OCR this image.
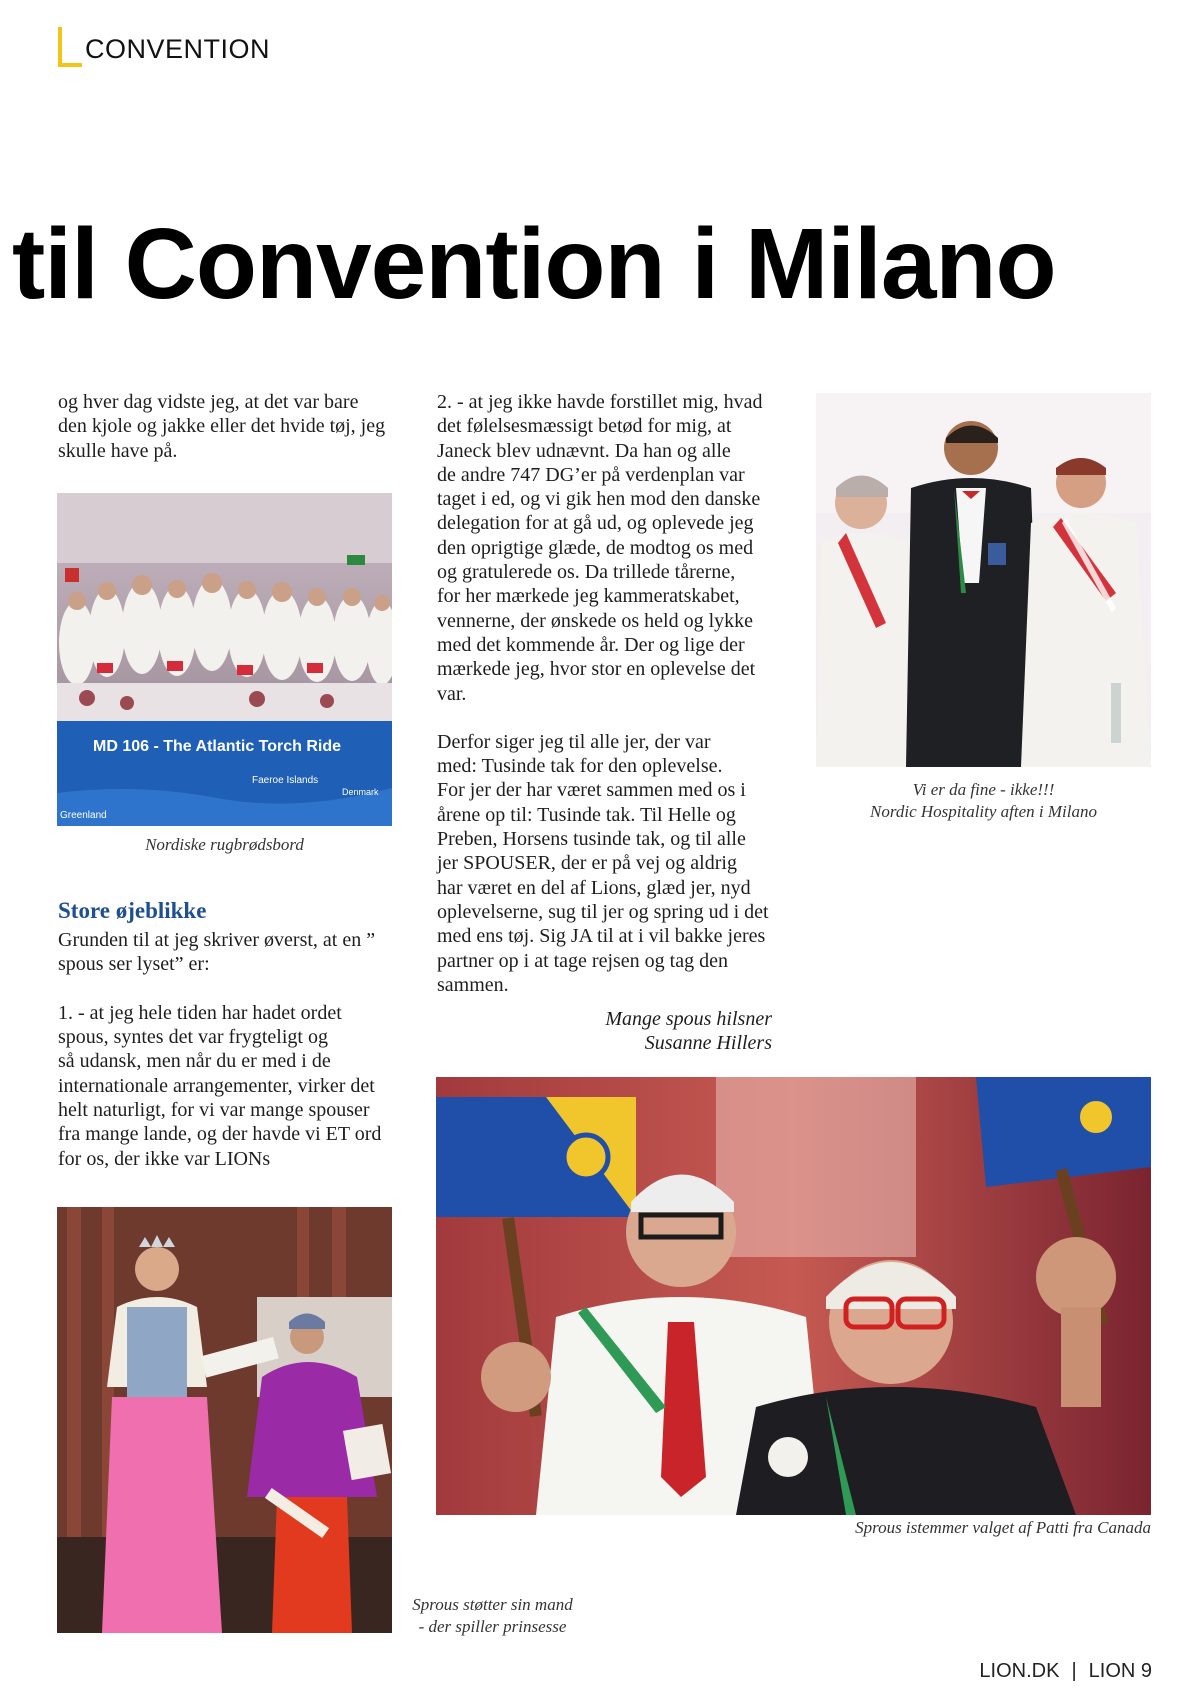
CONVENTION
til Convention i Milano

og hver dag vidste jeg, at det var bare
den kjole og jakke eller det hvide tøj, jeg
skulle have på.

MD 106 - The Atlantic Torch Ride
Faeroe Islands
Denmark
Greenland
Nordiske rugbrødsbord
Store øjeblikke

Grunden til at jeg skriver øverst, at en ”
spous ser lyset” er:

1. - at jeg hele tiden har hadet ordet
spous, syntes det var frygteligt og
så udansk, men når du er med i de
internationale arrangementer, virker det
helt naturligt, for vi var mange spouser
fra mange lande, og der havde vi ET ord
for os, der ikke var LIONs

Sprous støtter sin mand
- der spiller prinsesse

2. - at jeg ikke havde forstillet mig, hvad
det følelsesmæssigt betød for mig, at
Janeck blev udnævnt. Da han og alle
de andre 747 DG’er på verdenplan var
taget i ed, og vi gik hen mod den danske
delegation for at gå ud, og oplevede jeg
den oprigtige glæde, de modtog os med
og gratulerede os. Da trillede tårerne,
for her mærkede jeg kammeratskabet,
vennerne, der ønskede os held og lykke
med det kommende år. Der og lige der
mærkede jeg, hvor stor en oplevelse det
var.

Derfor siger jeg til alle jer, der var
med: Tusinde tak for den oplevelse.
For jer der har været sammen med os i
årene op til: Tusinde tak. Til Helle og
Preben, Horsens tusinde tak, og til alle
jer SPOUSER, der er på vej og aldrig
har været en del af Lions, glæd jer, nyd
oplevelserne, sug til jer og spring ud i det
med ens tøj. Sig JA til at i vil bakke jeres
partner op i at tage rejsen og tag den
sammen.

Mange spous hilsner
Susanne Hillers
Vi er da fine - ikke!!!
Nordic Hospitality aften i Milano
Sprous istemmer valget af Patti fra Canada
LION.DK | LION 9
